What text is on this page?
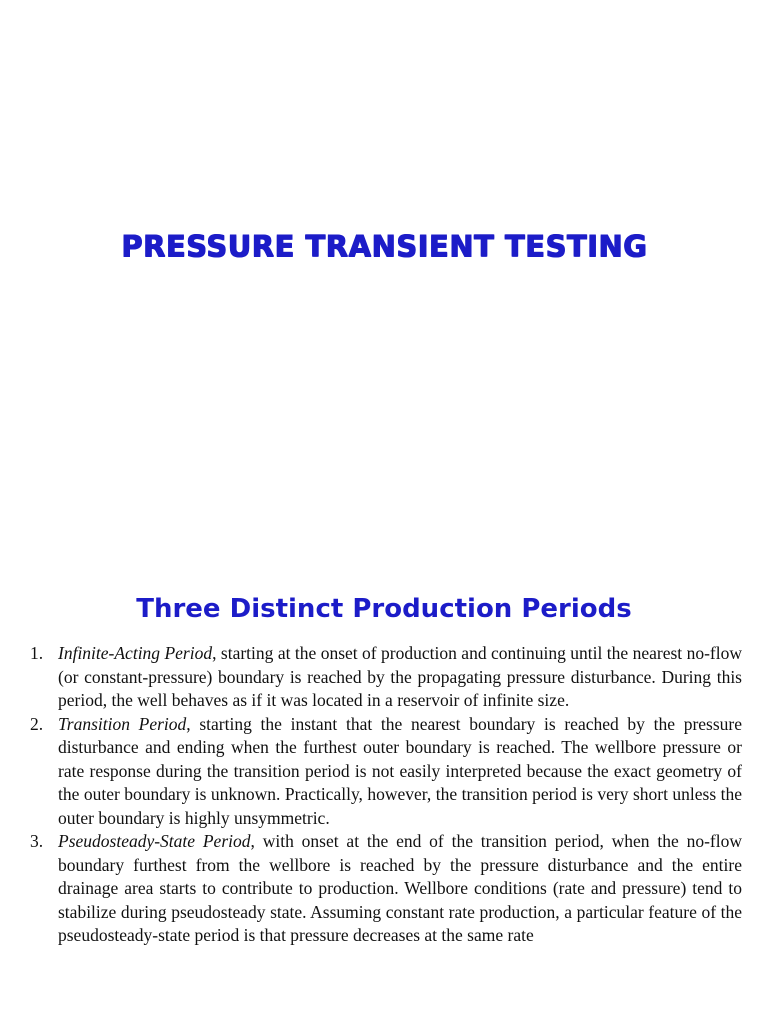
PRESSURE TRANSIENT TESTING
Three Distinct Production Periods
1. Infinite-Acting Period, starting at the onset of production and continuing until the nearest no-flow (or constant-pressure) boundary is reached by the propagating pressure disturbance. During this period, the well behaves as if it was located in a reservoir of infinite size.
2. Transition Period, starting the instant that the nearest boundary is reached by the pressure disturbance and ending when the furthest outer boundary is reached. The wellbore pressure or rate response during the transition period is not easily interpreted because the exact geometry of the outer boundary is unknown. Practically, however, the transition period is very short unless the outer boundary is highly unsymmetric.
3. Pseudosteady-State Period, with onset at the end of the transition period, when the no-flow boundary furthest from the wellbore is reached by the pressure disturbance and the entire drainage area starts to contribute to production. Wellbore conditions (rate and pressure) tend to stabilize during pseudosteady state. Assuming constant rate production, a particular feature of the pseudosteady-state period is that pressure decreases at the same rate
